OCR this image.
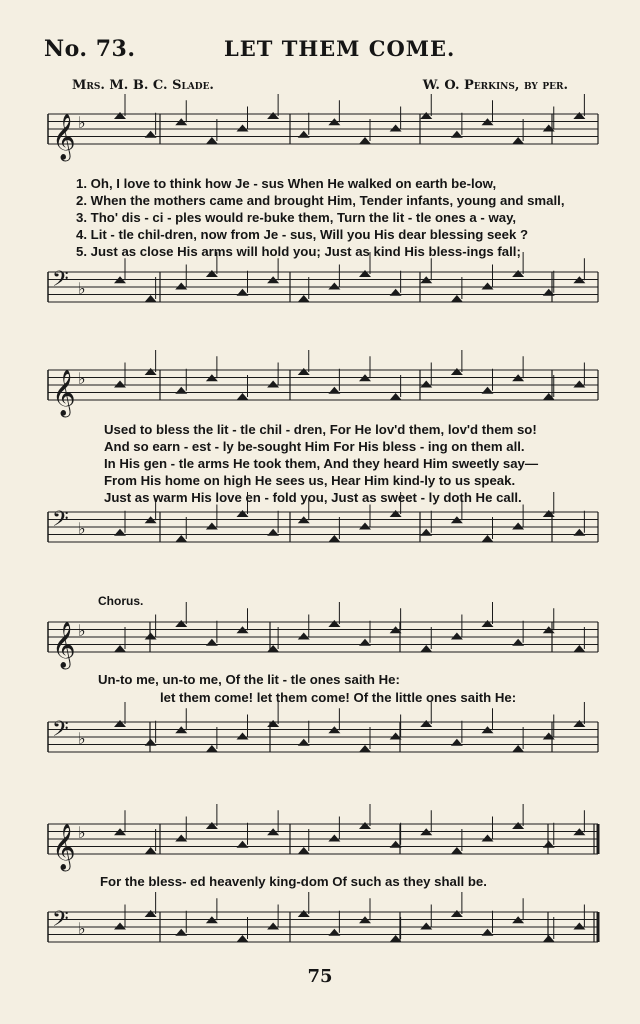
𝄞 ♭
𝄢 ♭
𝄞 ♭
𝄢 ♭
𝄞 ♭
𝄢 ♭
𝄞 ♭
𝄢 ♭
No. 73.	LET THEM COME.
Mrs. M. B. C. Slade.	W. O. Perkins, by per.
1. Oh, I love to think how Je - sus When He walked on earth be-low,
2. When the mothers came and brought Him, Tender infants, young and small,
3. Tho' dis - ci - ples would re-buke them, Turn the lit - tle ones a - way,
4. Lit - tle chil-dren, now from Je - sus, Will you His dear blessing seek ?
5. Just as close His arms will hold you; Just as kind His bless-ings fall;
Used to bless the lit - tle chil - dren, For He lov'd them, lov'd them so!
And so earn - est - ly be-sought Him For His bless - ing on them all.
In His gen - tle arms He took them, And they heard Him sweetly say—
From His home on high He sees us, Hear Him kind-ly to us speak.
Just as warm His love en - fold you, Just as sweet - ly doth He call.
Chorus.
Un-to me, un-to me, Of the lit - tle ones saith He:
let them come! let them come! Of the little ones saith He:
For the bless- ed heavenly king-dom Of such as they shall be.
75
